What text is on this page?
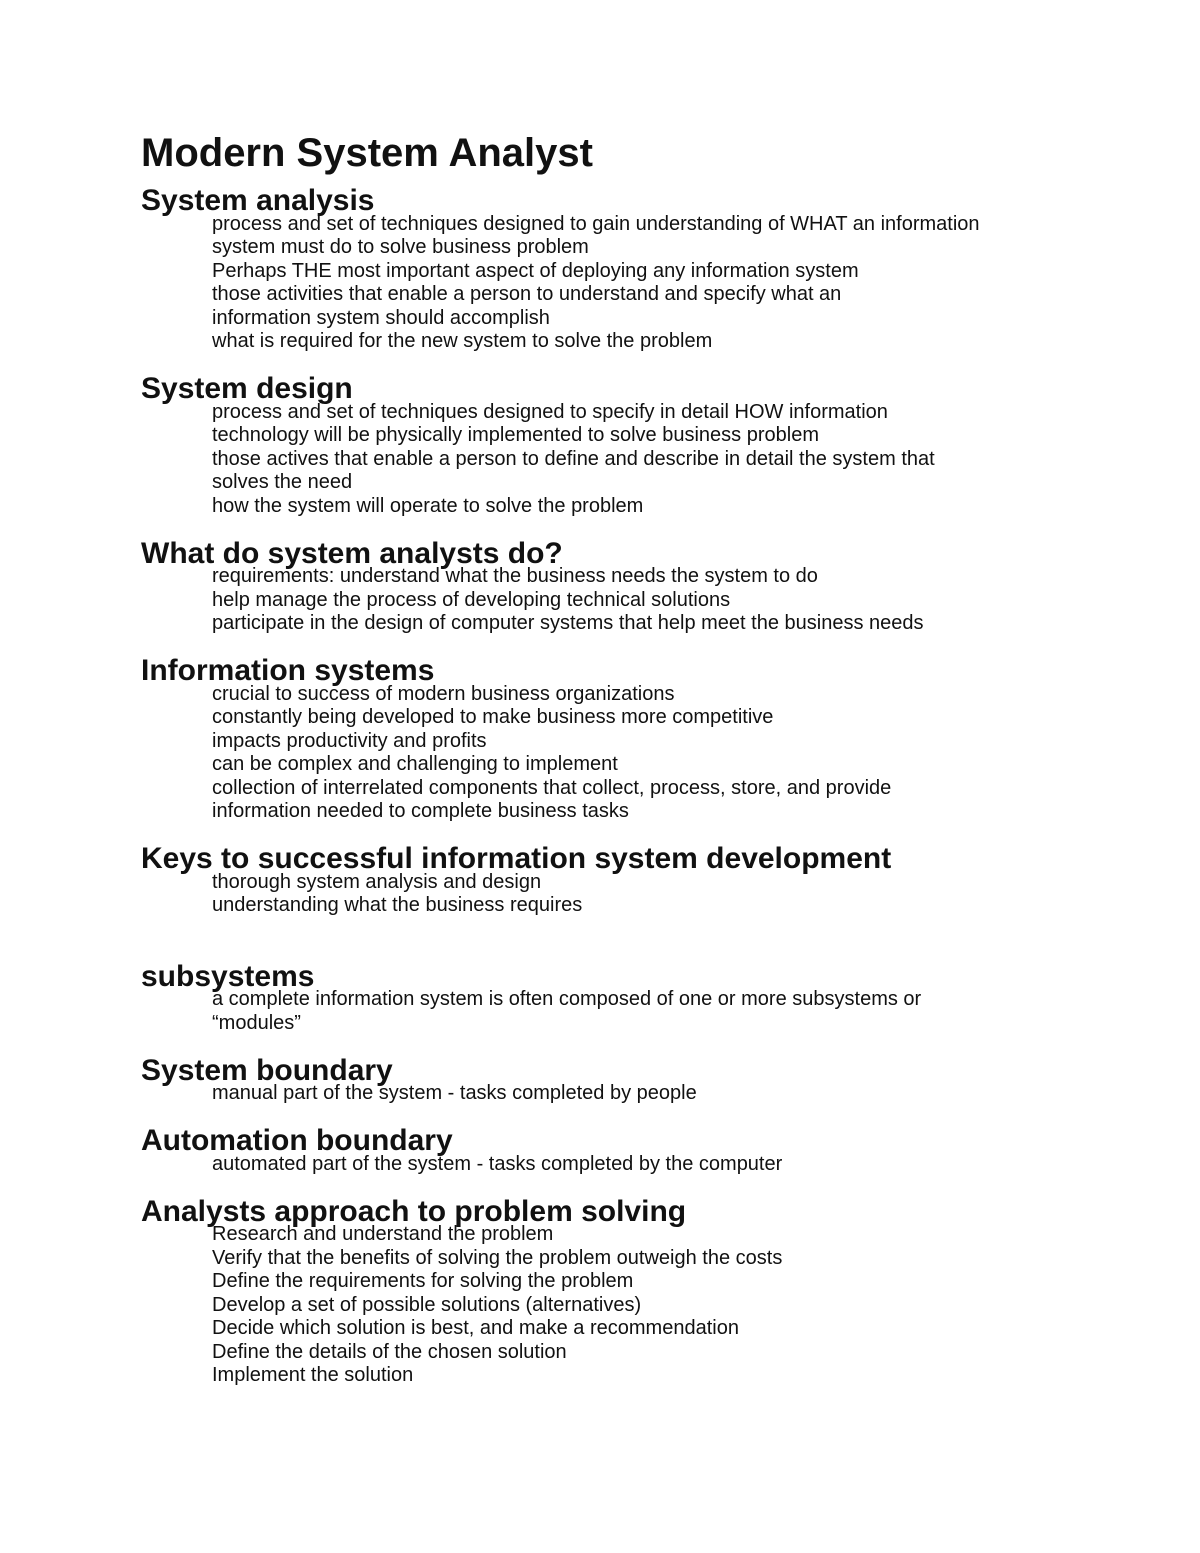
Modern System Analyst
System analysis
process and set of techniques designed to gain understanding of WHAT an information
system must do to solve business problem
Perhaps THE most important aspect of deploying any information system
those activities that enable a person to understand and specify what an
information system should accomplish
what is required for the new system to solve the problem
System design
process and set of techniques designed to specify in detail HOW information
technology will be physically implemented to solve business problem
those actives that enable a person to define and describe in detail the system that
solves the need
how the system will operate to solve the problem
What do system analysts do?
requirements: understand what the business needs the system to do
help manage the process of developing technical solutions
participate in the design of computer systems that help meet the business needs
Information systems
crucial to success of modern business organizations
constantly being developed to make business more competitive
impacts productivity and profits
can be complex and challenging to implement
collection of interrelated components that collect, process, store, and provide
information needed to complete business tasks
Keys to successful information system development
thorough system analysis and design
understanding what the business requires
subsystems
a complete information system is often composed of one or more subsystems or
“modules”
System boundary
manual part of the system - tasks completed by people
Automation boundary
automated part of the system - tasks completed by the computer
Analysts approach to problem solving
Research and understand the problem
Verify that the benefits of solving the problem outweigh the costs
Define the requirements for solving the problem
Develop a set of possible solutions (alternatives)
Decide which solution is best, and make a recommendation
Define the details of the chosen solution
Implement the solution
